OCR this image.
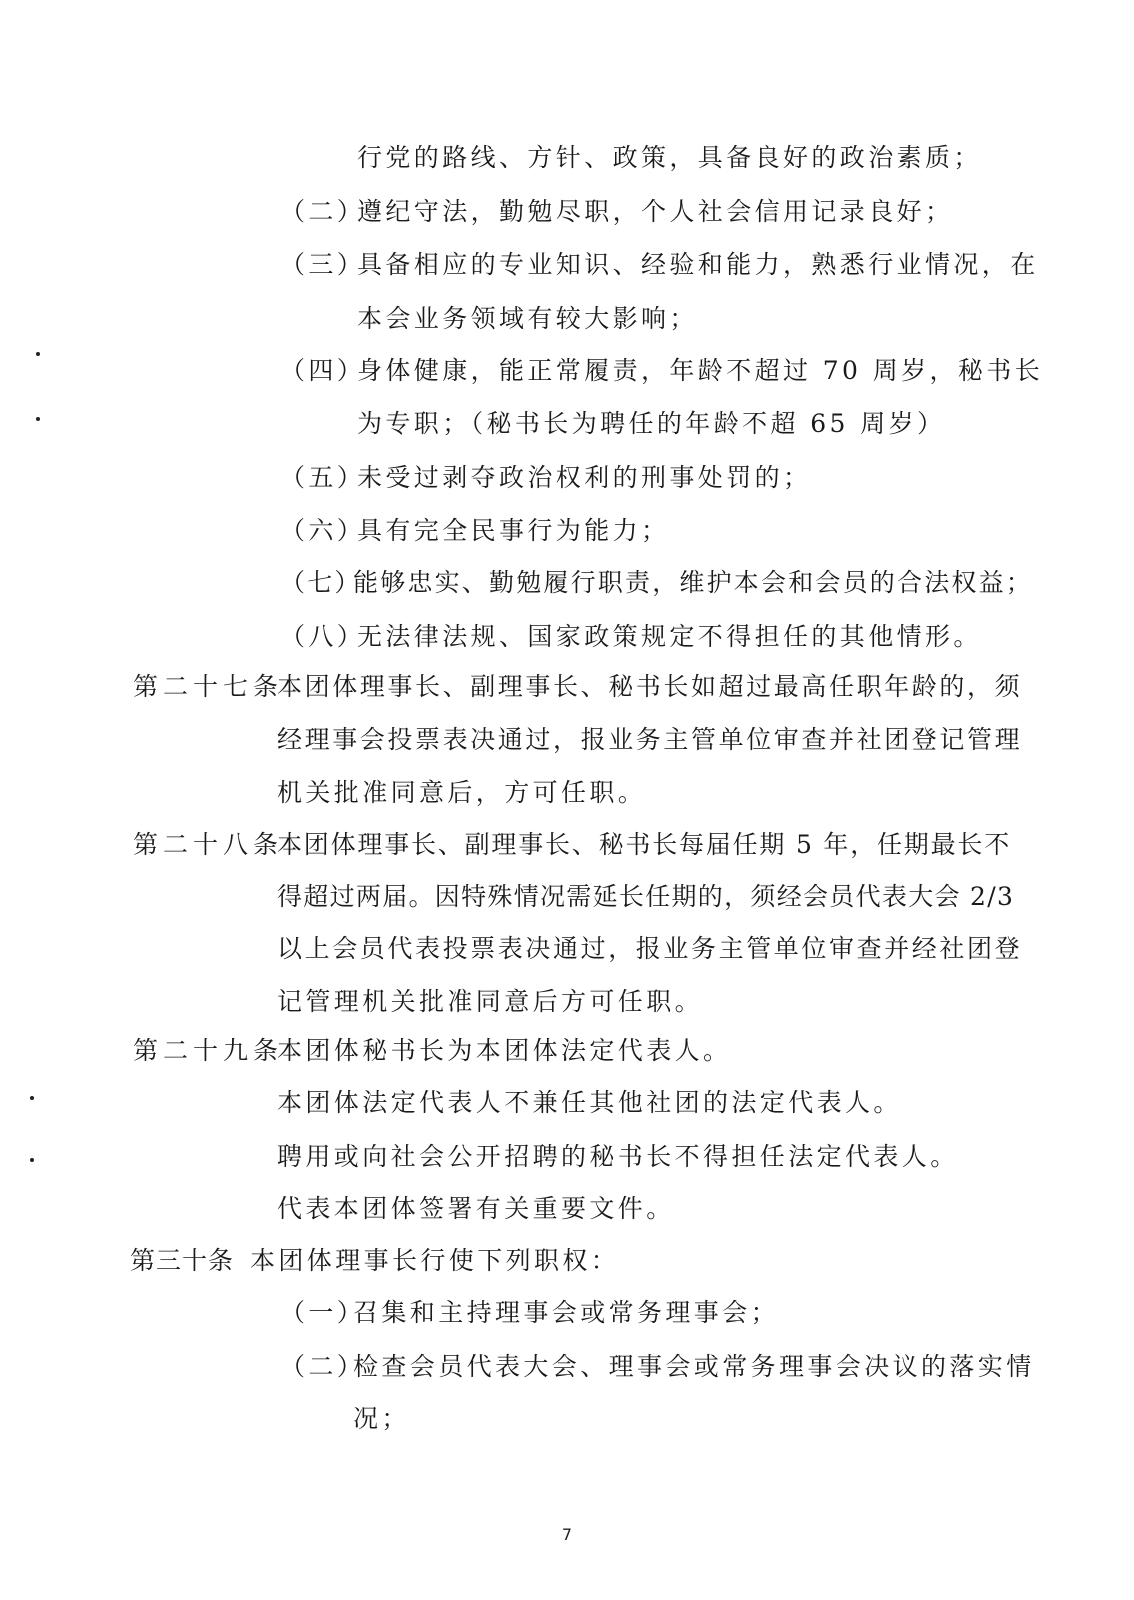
行党的路线、方针、政策，具备良好的政治素质；
（二）
遵纪守法，勤勉尽职，个人社会信用记录良好；
（三）
具备相应的专业知识、经验和能力，熟悉行业情况，在
本会业务领域有较大影响；
（四）
身体健康，能正常履责，年龄不超过 70 周岁，秘书长
为专职；（秘书长为聘任的年龄不超 65 周岁）
（五）
未受过剥夺政治权利的刑事处罚的；
（六）
具有完全民事行为能力；
（七）
能够忠实、勤勉履行职责，维护本会和会员的合法权益；
（八）
无法律法规、国家政策规定不得担任的其他情形。
第二十七条
本团体理事长、副理事长、秘书长如超过最高任职年龄的，须
经理事会投票表决通过，报业务主管单位审查并社团登记管理
机关批准同意后，方可任职。
第二十八条
本团体理事长、副理事长、秘书长每届任期 5 年，任期最长不
得超过两届。因特殊情况需延长任期的，须经会员代表大会 2/3
以上会员代表投票表决通过，报业务主管单位审查并经社团登
记管理机关批准同意后方可任职。
第二十九条
本团体秘书长为本团体法定代表人。
本团体法定代表人不兼任其他社团的法定代表人。
聘用或向社会公开招聘的秘书长不得担任法定代表人。
代表本团体签署有关重要文件。
第三十条 本团体理事长行使下列职权：
（一）
召集和主持理事会或常务理事会；
（二）
检查会员代表大会、理事会或常务理事会决议的落实情
况；
7
